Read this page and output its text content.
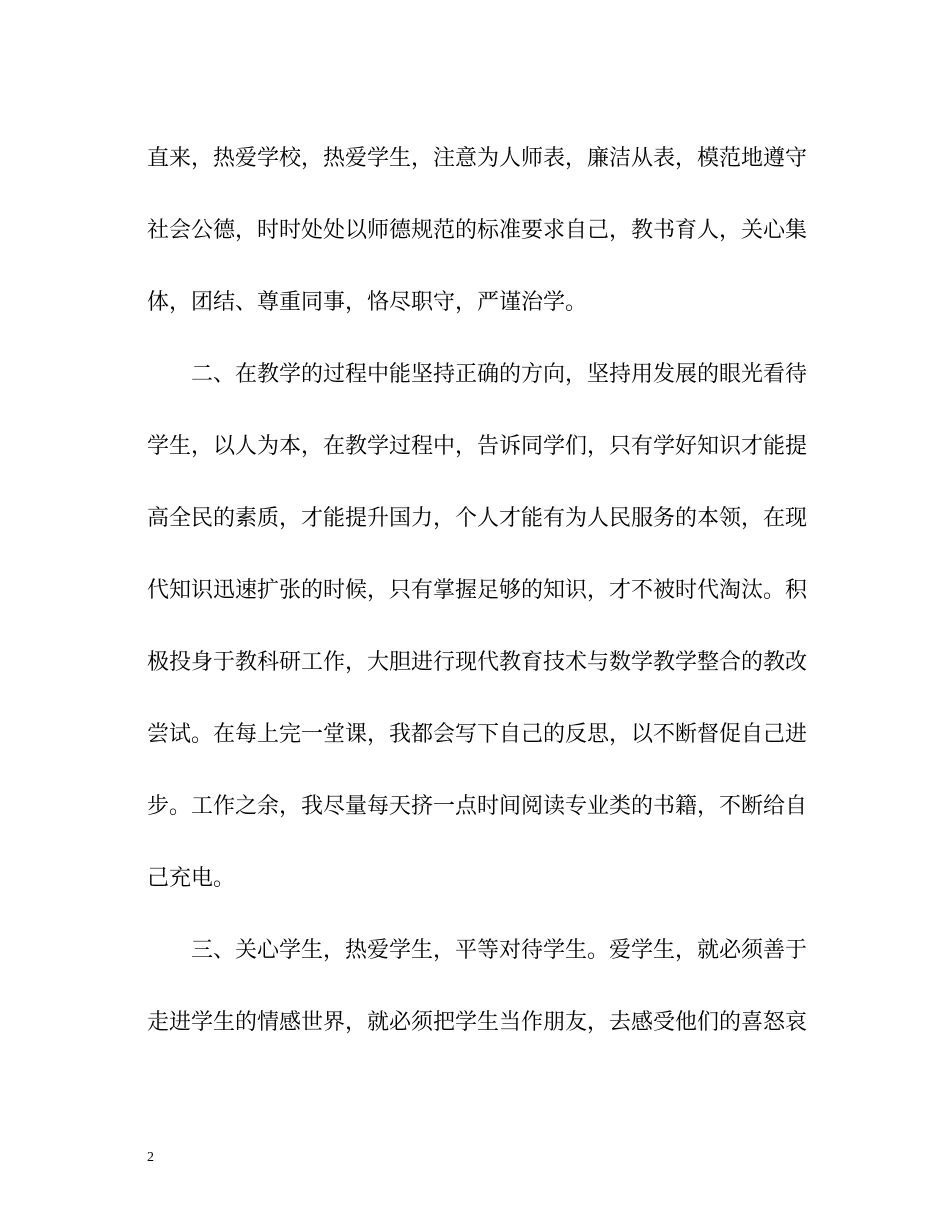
直来，热爱学校，热爱学生，注意为人师表，廉洁从表，模范地遵守
社会公德，时时处处以师德规范的标准要求自己，教书育人，关心集
体，团结、尊重同事，恪尽职守，严谨治学。
二、在教学的过程中能坚持正确的方向，坚持用发展的眼光看待
学生，以人为本，在教学过程中，告诉同学们，只有学好知识才能提
高全民的素质，才能提升国力，个人才能有为人民服务的本领，在现
代知识迅速扩张的时候，只有掌握足够的知识，才不被时代淘汰。积
极投身于教科研工作，大胆进行现代教育技术与数学教学整合的教改
尝试。在每上完一堂课，我都会写下自己的反思，以不断督促自己进
步。工作之余，我尽量每天挤一点时间阅读专业类的书籍，不断给自
己充电。
三、关心学生，热爱学生，平等对待学生。爱学生，就必须善于
走进学生的情感世界，就必须把学生当作朋友，去感受他们的喜怒哀
2
